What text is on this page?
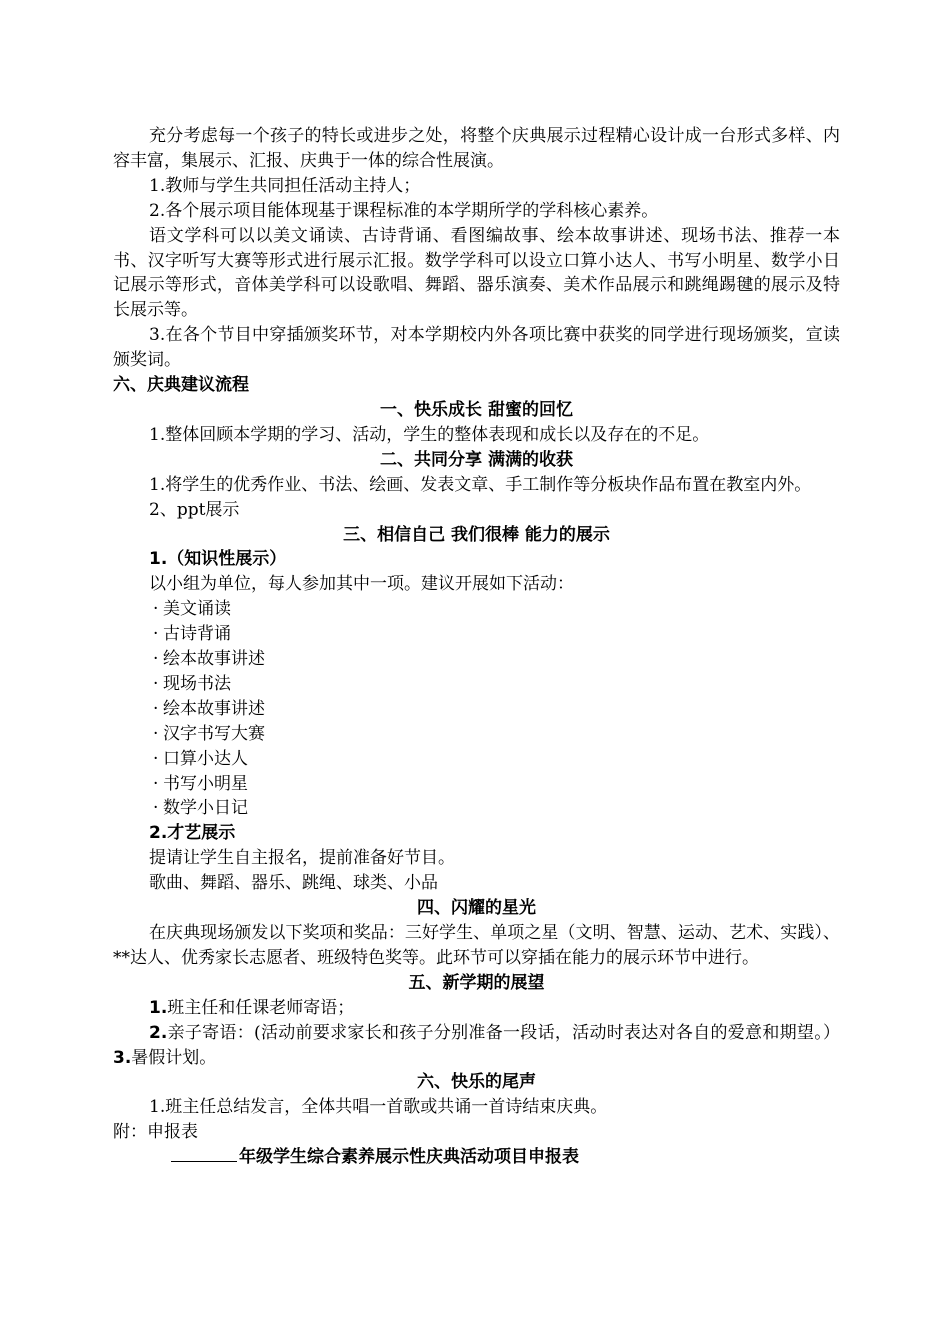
充分考虑每一个孩子的特长或进步之处，将整个庆典展示过程精心设计成一台形式多样、内容丰富，集展示、汇报、庆典于一体的综合性展演。

1.教师与学生共同担任活动主持人；

2.各个展示项目能体现基于课程标准的本学期所学的学科核心素养。

语文学科可以以美文诵读、古诗背诵、看图编故事、绘本故事讲述、现场书法、推荐一本书、汉字听写大赛等形式进行展示汇报。数学学科可以设立口算小达人、书写小明星、数学小日记展示等形式，音体美学科可以设歌唱、舞蹈、器乐演奏、美术作品展示和跳绳踢毽的展示及特长展示等。

3.在各个节目中穿插颁奖环节，对本学期校内外各项比赛中获奖的同学进行现场颁奖，宣读颁奖词。

六、庆典建议流程

一、快乐成长 甜蜜的回忆

1.整体回顾本学期的学习、活动，学生的整体表现和成长以及存在的不足。

二、共同分享 满满的收获

1.将学生的优秀作业、书法、绘画、发表文章、手工制作等分板块作品布置在教室内外。

2、ppt展示

三、相信自己 我们很棒 能力的展示

1.（知识性展示）

以小组为单位，每人参加其中一项。建议开展如下活动：

· 美文诵读
· 古诗背诵
· 绘本故事讲述
· 现场书法
· 绘本故事讲述
· 汉字书写大赛
· 口算小达人
· 书写小明星
· 数学小日记

2.才艺展示

提请让学生自主报名，提前准备好节目。

歌曲、舞蹈、器乐、跳绳、球类、小品

四、闪耀的星光

在庆典现场颁发以下奖项和奖品：三好学生、单项之星（文明、智慧、运动、艺术、实践）、**达人、优秀家长志愿者、班级特色奖等。此环节可以穿插在能力的展示环节中进行。

五、新学期的展望

1.班主任和任课老师寄语；

2.亲子寄语：(活动前要求家长和孩子分别准备一段话，活动时表达对各自的爱意和期望。） 3.暑假计划。

六、快乐的尾声

1.班主任总结发言，全体共唱一首歌或共诵一首诗结束庆典。

附：申报表

年级学生综合素养展示性庆典活动项目申报表
